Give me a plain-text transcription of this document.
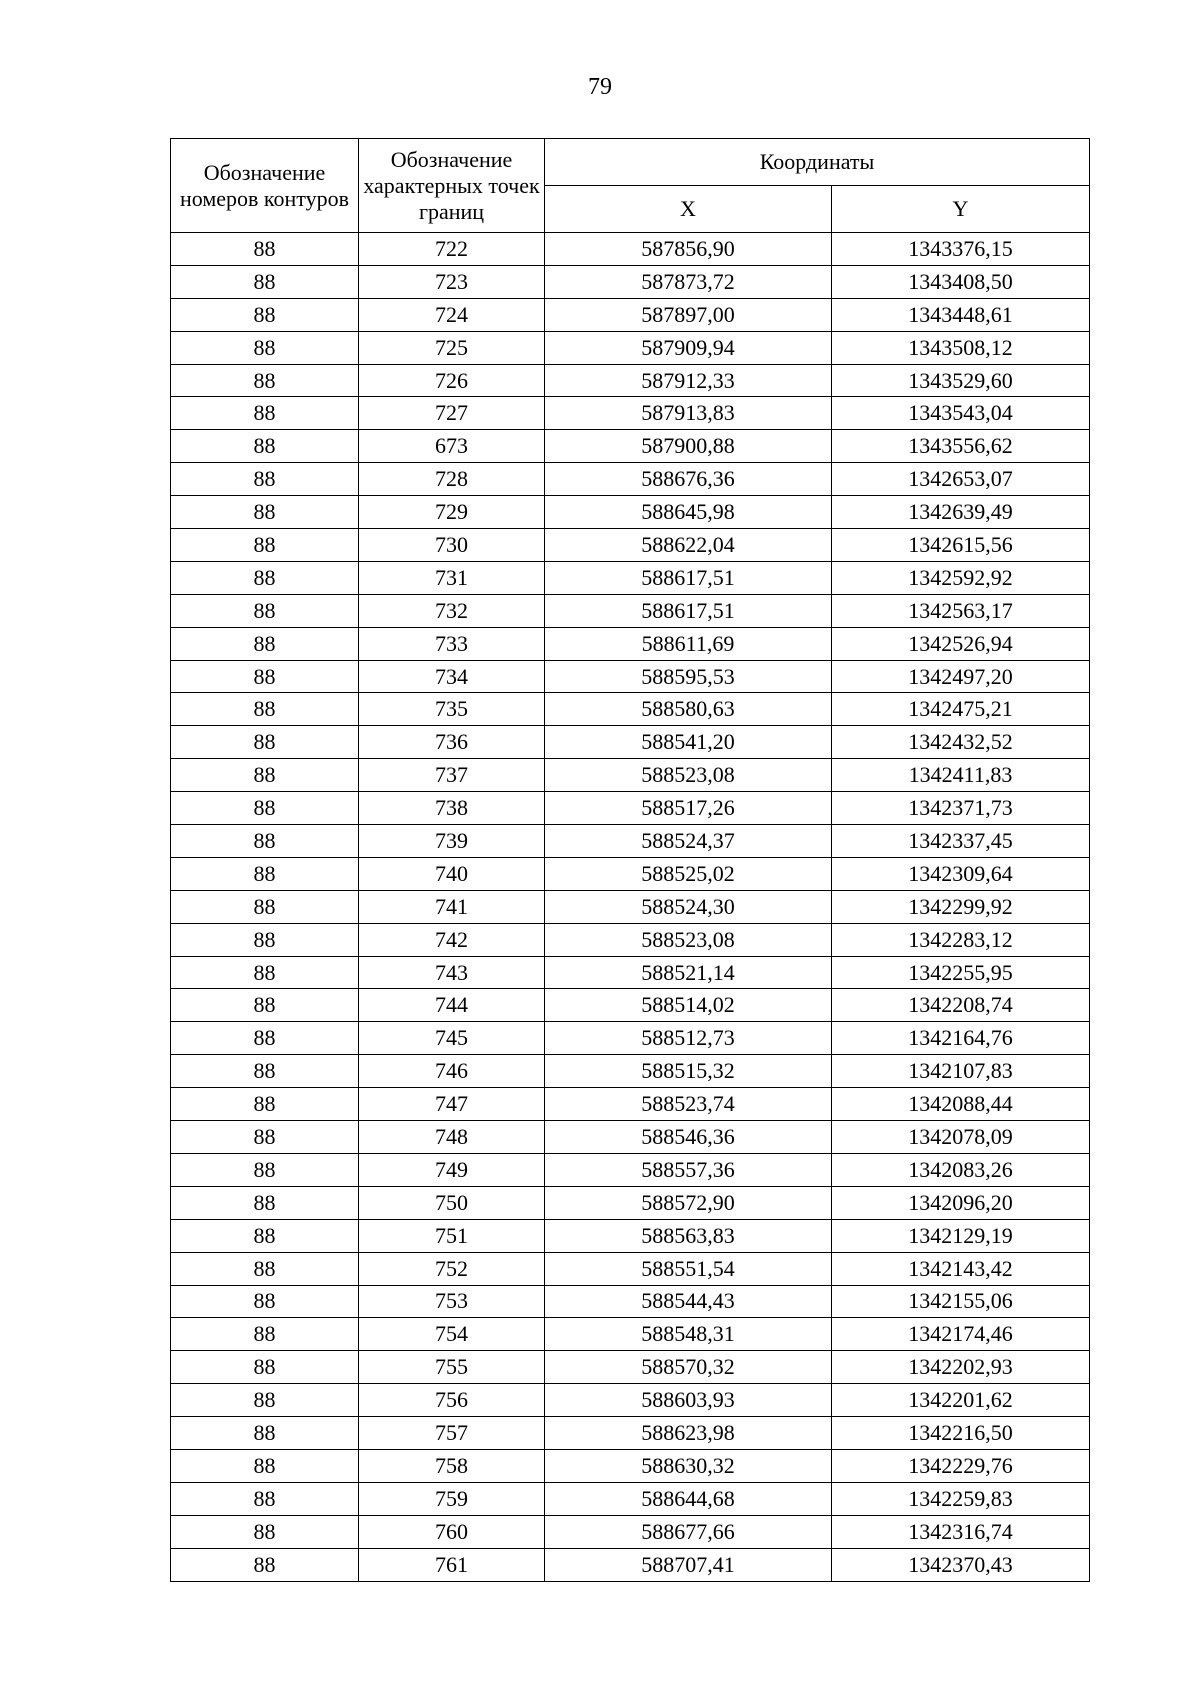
79
Обозначение номеров контуров	Обозначение характерных точек границ	Координаты	
		X	Y
88	722	587856,90	1343376,15
88	723	587873,72	1343408,50
88	724	587897,00	1343448,61
88	725	587909,94	1343508,12
88	726	587912,33	1343529,60
88	727	587913,83	1343543,04
88	673	587900,88	1343556,62
88	728	588676,36	1342653,07
88	729	588645,98	1342639,49
88	730	588622,04	1342615,56
88	731	588617,51	1342592,92
88	732	588617,51	1342563,17
88	733	588611,69	1342526,94
88	734	588595,53	1342497,20
88	735	588580,63	1342475,21
88	736	588541,20	1342432,52
88	737	588523,08	1342411,83
88	738	588517,26	1342371,73
88	739	588524,37	1342337,45
88	740	588525,02	1342309,64
88	741	588524,30	1342299,92
88	742	588523,08	1342283,12
88	743	588521,14	1342255,95
88	744	588514,02	1342208,74
88	745	588512,73	1342164,76
88	746	588515,32	1342107,83
88	747	588523,74	1342088,44
88	748	588546,36	1342078,09
88	749	588557,36	1342083,26
88	750	588572,90	1342096,20
88	751	588563,83	1342129,19
88	752	588551,54	1342143,42
88	753	588544,43	1342155,06
88	754	588548,31	1342174,46
88	755	588570,32	1342202,93
88	756	588603,93	1342201,62
88	757	588623,98	1342216,50
88	758	588630,32	1342229,76
88	759	588644,68	1342259,83
88	760	588677,66	1342316,74
88	761	588707,41	1342370,43
